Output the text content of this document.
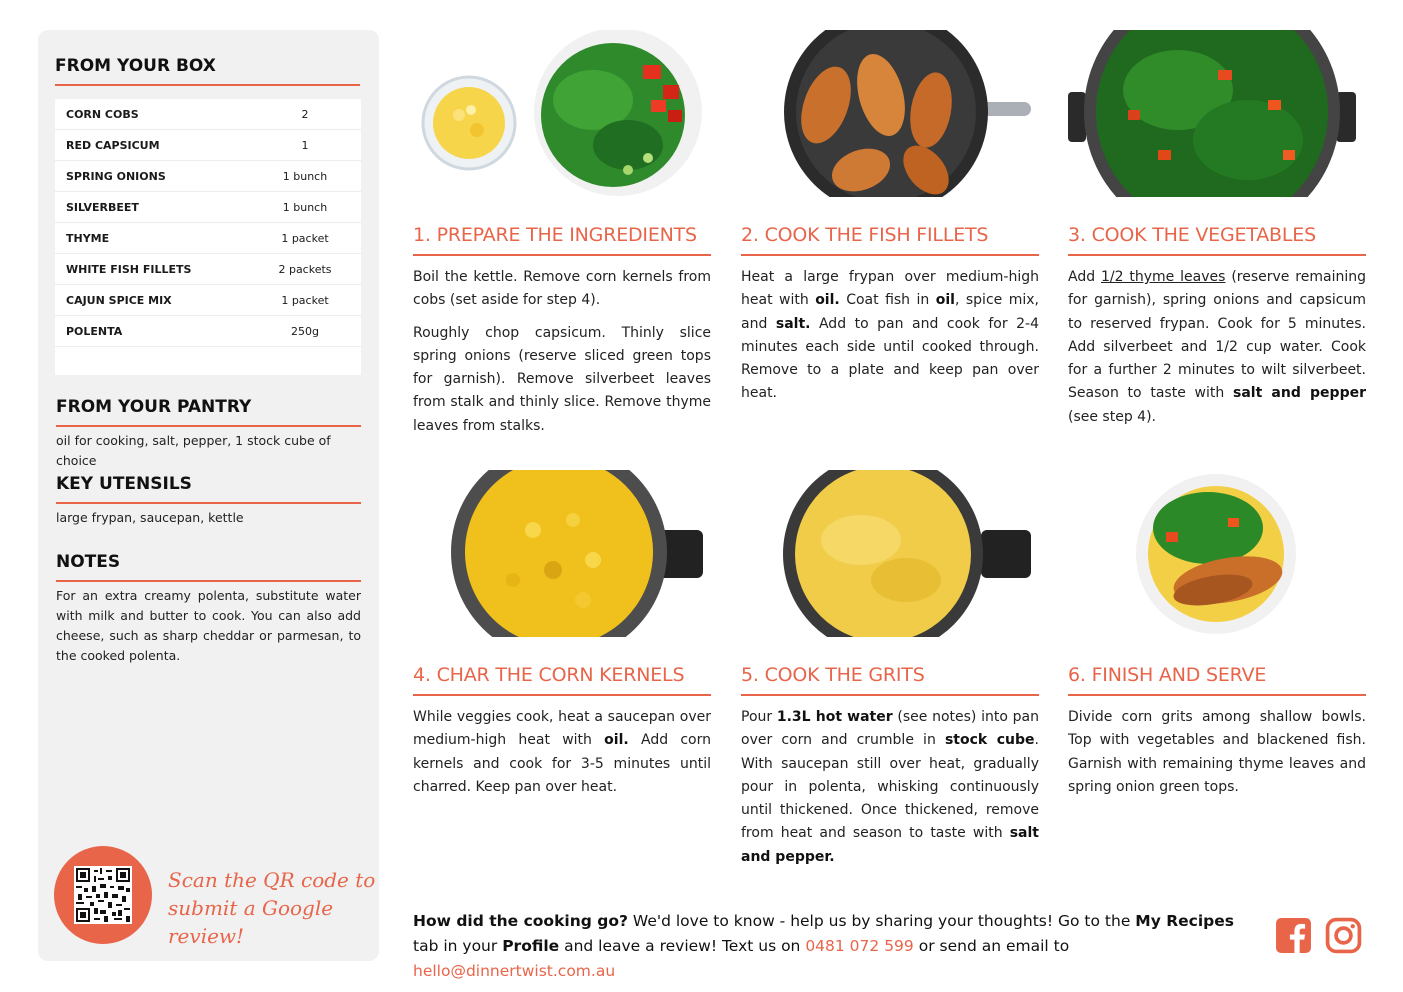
FROM YOUR BOX
CORN COBS	2
RED CAPSICUM	1
SPRING ONIONS	1 bunch
SILVERBEET	1 bunch
THYME	1 packet
WHITE FISH FILLETS	2 packets
CAJUN SPICE MIX	1 packet
POLENTA	250g
FROM YOUR PANTRY
oil for cooking, salt, pepper, 1 stock cube of choice
KEY UTENSILS
large frypan, saucepan, kettle
NOTES
For an extra creamy polenta, substitute water with milk and butter to cook. You can also add cheese, such as sharp cheddar or parmesan, to the cooked polenta.
Scan the QR code to
submit a Google review!
1. PREPARE THE INGREDIENTS

Boil the kettle. Remove corn kernels from cobs (set aside for step 4).

Roughly chop capsicum. Thinly slice spring onions (reserve sliced green tops for garnish). Remove silverbeet leaves from stalk and thinly slice. Remove thyme leaves from stalks.

2. COOK THE FISH FILLETS

Heat a large frypan over medium-high heat with oil. Coat fish in oil, spice mix, and salt. Add to pan and cook for 2-4 minutes each side until cooked through. Remove to a plate and keep pan over heat.

3. COOK THE VEGETABLES

Add 1/2 thyme leaves (reserve remaining for garnish), spring onions and capsicum to reserved frypan. Cook for 5 minutes. Add silverbeet and 1/2 cup water. Cook for a further 2 minutes to wilt silverbeet. Season to taste with salt and pepper (see step 4).

4. CHAR THE CORN KERNELS

While veggies cook, heat a saucepan over medium-high heat with oil. Add corn kernels and cook for 3-5 minutes until charred. Keep pan over heat.

5. COOK THE GRITS

Pour 1.3L hot water (see notes) into pan over corn and crumble in stock cube. With saucepan still over heat, gradually pour in polenta, whisking continuously until thickened. Once thickened, remove from heat and season to taste with salt and pepper.

6. FINISH AND SERVE

Divide corn grits among shallow bowls. Top with vegetables and blackened fish. Garnish with remaining thyme leaves and spring onion green tops.

How did the cooking go? We'd love to know - help us by sharing your thoughts! Go to the My Recipes tab in your Profile and leave a review! Text us on 0481 072 599 or send an email to hello@dinnertwist.com.au
